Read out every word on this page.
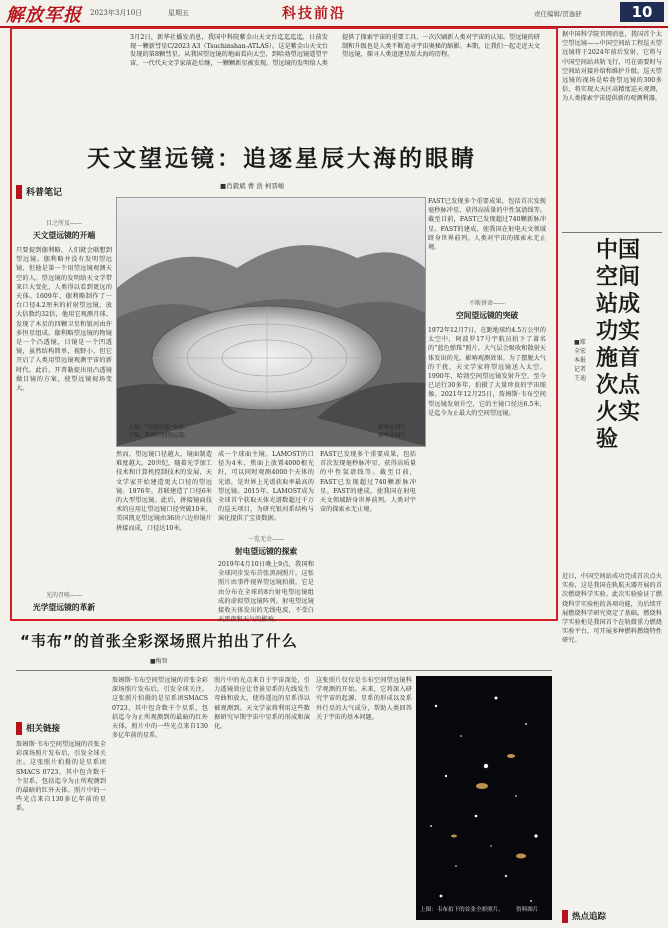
解放军报 2023年3月10日	星期五	科技前沿	责任编辑/贺逸舒	10
3月2日，新华社播发消息，我国中科院紫金山天文台迄迄迄迄，日前发现一颗新彗星C/2023 A3（Tsuchinshan-ATLAS）。这是紫金山天文台发现的第8颗彗星。从我国望远镜的地面看向太空，到哈勃望远镜遥望宇宙，一代代天文学家前赴后继，一颗颗新星被发现。望远镜的发明给人类提供了探索宇宙的重要工具，一次次刷新人类对宇宙的认知。望远镜的研制和升级也是人类不断追寻宇宙奥秘的缩影。本期，让我们一起走近天文望远镜，探寻人类追逐星辰大海的历程。
天文望远镜：追逐星辰大海的眼睛
■肖毅斌 曹 浩 柯晋峻
科普笔记
目之所及——
天文望远镜的开端
只要提到伽利略，人们就会联想到望远镜。伽利略并没有发明望远镜，但他是第一个用望远镜观测天空的人。望远镜的发明给天文学带来巨大变化，人类得以看到更远的天体。1609年，伽利略制作了一台口径4.2厘米的折射望远镜，放大倍数约32倍，他用它观测月球、发现了木星的四颗卫星和银河由许多恒星组成。伽利略望远镜的物镜是一个凸透镜，目镜是一个凹透镜，虽然结构简单，视野小，但它开启了人类用望远镜观测宇宙的新时代。此后，开普勒提出用凸透镜做目镜的方案，使望远镜视场变大。
光的召唤——
光学望远镜的革新
上图：“中国天眼”全景。
下图：哈勃空间望远镜。
新华社图片
新华社图片
然而，望远镜口径越大，镜面制造难度越大。20世纪，随着光学加工技术和计算机控制技术的发展，天文学家开始建造更大口径的望远镜。1976年，苏联建造了口径6米的大型望远镜。此后，拼接镜面技术的应用让望远镜口径突破10米，美国凯克望远镜由36块六边形镜片拼接而成，口径达10米。
成一个球面主镜。LAMOST的口径为4米，焦面上放置4000根光纤，可以同时观测4000个天体的光谱，是世界上光谱获取率最高的望远镜。2015年，LAMOST成为全球首个获取天体光谱数超过千万的巡天项目，为研究银河系结构与演化提供了宝贵数据。
一览无余——
射电望远镜的探索
2019年4月10日晚上9点，我国和全球同步发布首张黑洞照片。这张照片由事件视界望远镜拍摄，它是由分布在全球的8台射电望远镜组成的虚拟望远镜阵列。射电望远镜接收天体发出的无线电波，不受白天黑夜和天气的影响。
FAST已发现多个重要成果，包括首次发现毫秒脉冲星、获得高质量的中性氢谱线等。截至目前，FAST已发现超过740颗新脉冲星。FAST的建成，使我国在射电天文领域跻身世界前列。人类对宇宙的探索永无止境。
FAST已发现多个重要成果，包括首次发现毫秒脉冲星、获得高质量的中性氢谱线等。截至目前，FAST已发现超过740颗新脉冲星。FAST的建成，使我国在射电天文领域跻身世界前列。人类对宇宙的探索永无止境。
不断拼命——
空间望远镜的突破
1972年12月7日，在距地球约4.5万公里的太空中，阿波罗17号宇航员拍下了著名的“蓝色弹珠”照片。大气层会吸收和散射天体发出的光，影响观测效果。为了摆脱大气的干扰，天文学家将望远镜送入太空。1990年，哈勃空间望远镜发射升空，至今已运行30多年，拍摄了大量珍贵的宇宙图像。2021年12月25日，詹姆斯·韦布空间望远镜发射升空，它的主镜口径达6.5米，是迄今为止最大的空间望远镜。
据中国科学院官网消息，我国首个太空望远镜——中国空间站工程巡天望远镜将于2024年前后发射，它将与中国空间站共轨飞行，可在需要时与空间站对接补给和维护升级。巡天望远镜的视场是哈勃望远镜的300多倍，将实现大天区高精度巡天观测，为人类探索宇宙提供新的观测利器。
中国空间站成功实施首次点火实验
■郑全宏 本报记者 王迪
近日，中国空间站成功完成首次点火实验，这是我国在轨航天器开展的首次燃烧科学实验。此次实验验证了燃烧科学实验柜的各项功能，为后续开展燃烧科学研究奠定了基础。燃烧科学实验柜是我国首个在轨微重力燃烧实验平台，可开展多种燃料燃烧特性研究。
热点追踪
“韦布”的首张全彩深场照片拍出了什么
■梅智
詹姆斯·韦布空间望远镜的首张全彩深场照片发布后，引发全球关注。这张照片拍摄的是星系团SMACS 0723，其中包含数千个星系，包括迄今为止所观测到的最暗的红外天体。照片中的一些光点来自130多亿年前的星系。
照片中的光点来自于宇宙深处，引力透镜效应让背景星系的光线发生弯曲和放大，使得遥远的星系得以被观测到。天文学家将利用这些数据研究早期宇宙中星系的形成和演化。
这张照片仅仅是韦布空间望远镜科学观测的开始。未来，它将深入研究宇宙的起源、星系的形成以及系外行星的大气成分，帮助人类回答关于宇宙的基本问题。
相关链接
詹姆斯·韦布空间望远镜的首张全彩深场照片发布后，引发全球关注。这张照片拍摄的是星系团SMACS 0723，其中包含数千个星系，包括迄今为止所观测到的最暗的红外天体。照片中的一些光点来自130多亿年前的星系。
上图：韦布拍下的首张全彩照片。 资料图片
